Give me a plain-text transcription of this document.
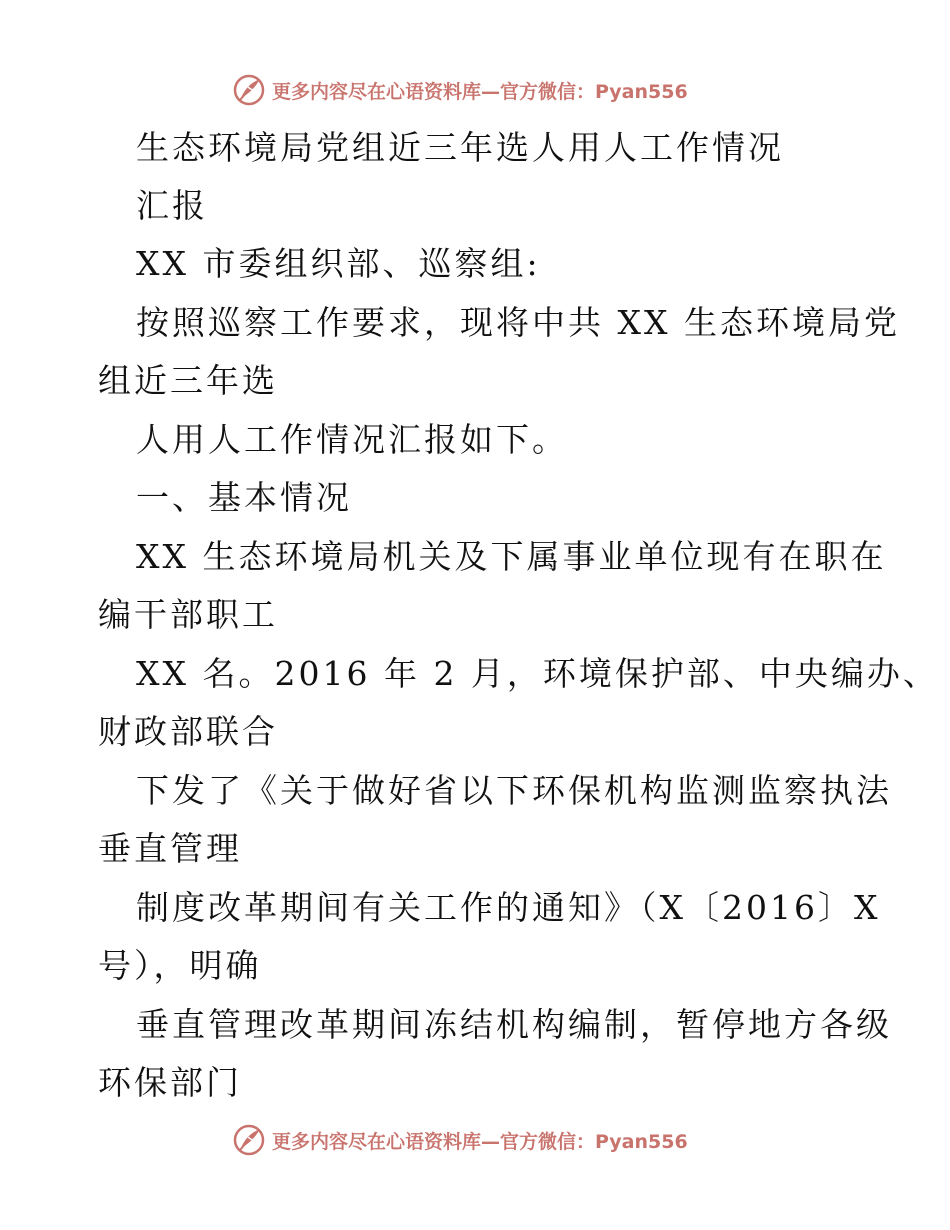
更多内容尽在心语资料库—官方微信：Pyan556
生态环境局党组近三年选人用人工作情况
汇报
XX 市委组织部、巡察组:
按照巡察工作要求，现将中共 XX 生态环境局党
组近三年选
人用人工作情况汇报如下。
一、基本情况
XX 生态环境局机关及下属事业单位现有在职在
编干部职工
XX 名。2016 年 2 月，环境保护部、中央编办、
财政部联合
下发了《关于做好省以下环保机构监测监察执法
垂直管理
制度改革期间有关工作的通知》（X〔2016〕X
号），明确
垂直管理改革期间冻结机构编制，暂停地方各级
环保部门
更多内容尽在心语资料库—官方微信：Pyan556
